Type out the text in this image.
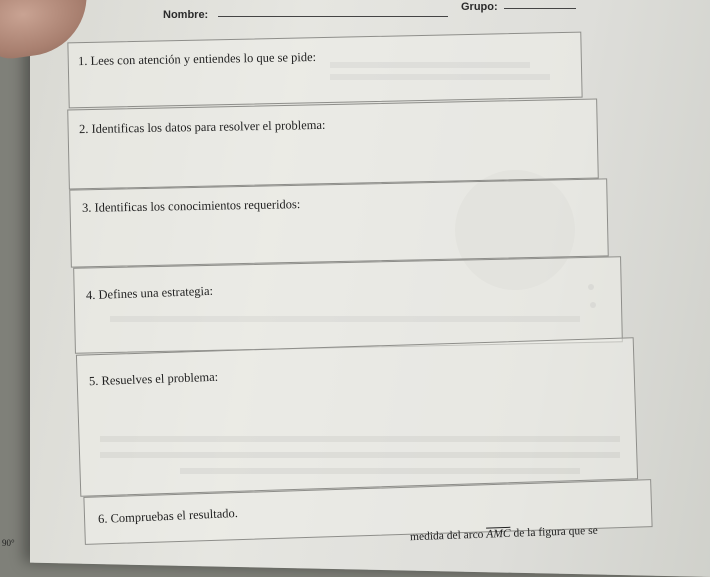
Nombre:
Grupo:
1. Lees con atención y entiendes lo que se pide:
2. Identificas los datos para resolver el problema:
3. Identificas los conocimientos requeridos:
4. Defines una estrategia:
5. Resuelves el problema:
6. Compruebas el resultado.
medida del arco $\overline{AMC}$ de la figura que se
90°
